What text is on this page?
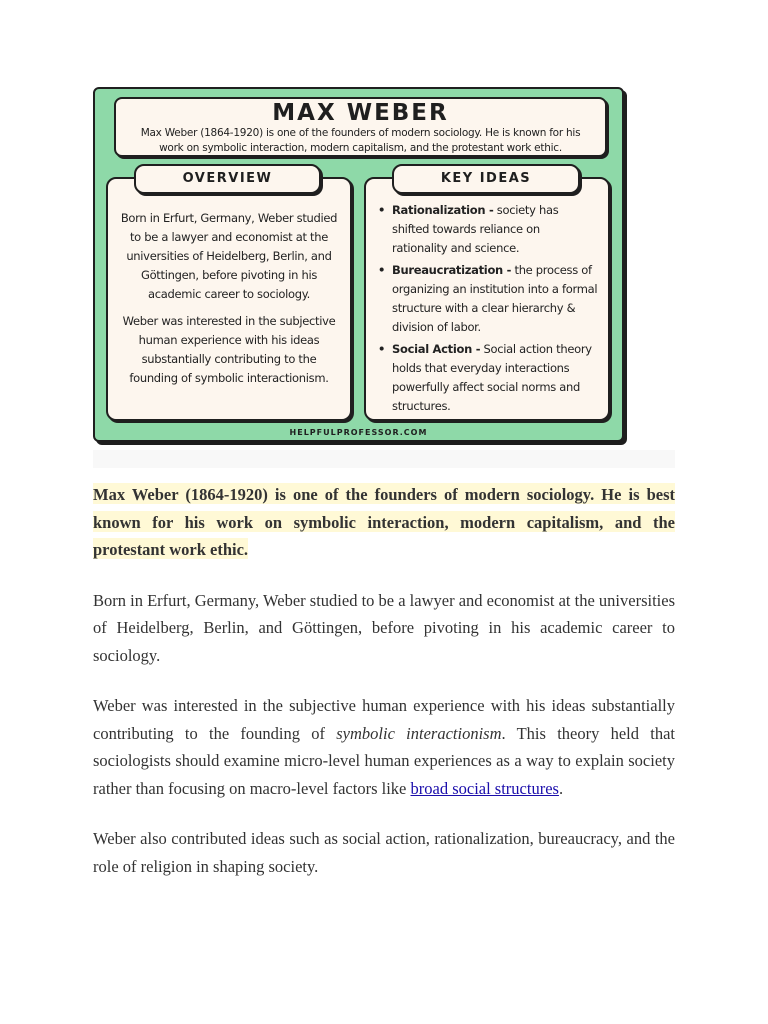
MAX WEBER
Max Weber (1864-1920) is one of the founders of modern sociology. He is known for his work on symbolic interaction, modern capitalism, and the protestant work ethic.
OVERVIEW

Born in Erfurt, Germany, Weber studied to be a lawyer and economist at the universities of Heidelberg, Berlin, and Göttingen, before pivoting in his academic career to sociology.

Weber was interested in the subjective human experience with his ideas substantially contributing to the founding of symbolic interactionism.

KEY IDEAS
• Rationalization - society has shifted towards reliance on rationality and science.
• Bureaucratization - the process of organizing an institution into a formal structure with a clear hierarchy & division of labor.
• Social Action - Social action theory holds that everyday interactions powerfully affect social norms and structures.
HELPFULPROFESSOR.COM

Max Weber (1864-1920) is one of the founders of modern sociology. He is best known for his work on symbolic interaction, modern capitalism, and the protestant work ethic.

Born in Erfurt, Germany, Weber studied to be a lawyer and economist at the universities of Heidelberg, Berlin, and Göttingen, before pivoting in his academic career to sociology.

Weber was interested in the subjective human experience with his ideas substantially contributing to the founding of symbolic interactionism. This theory held that sociologists should examine micro-level human experiences as a way to explain society rather than focusing on macro-level factors like broad social structures.

Weber also contributed ideas such as social action, rationalization, bureaucracy, and the role of religion in shaping society.
